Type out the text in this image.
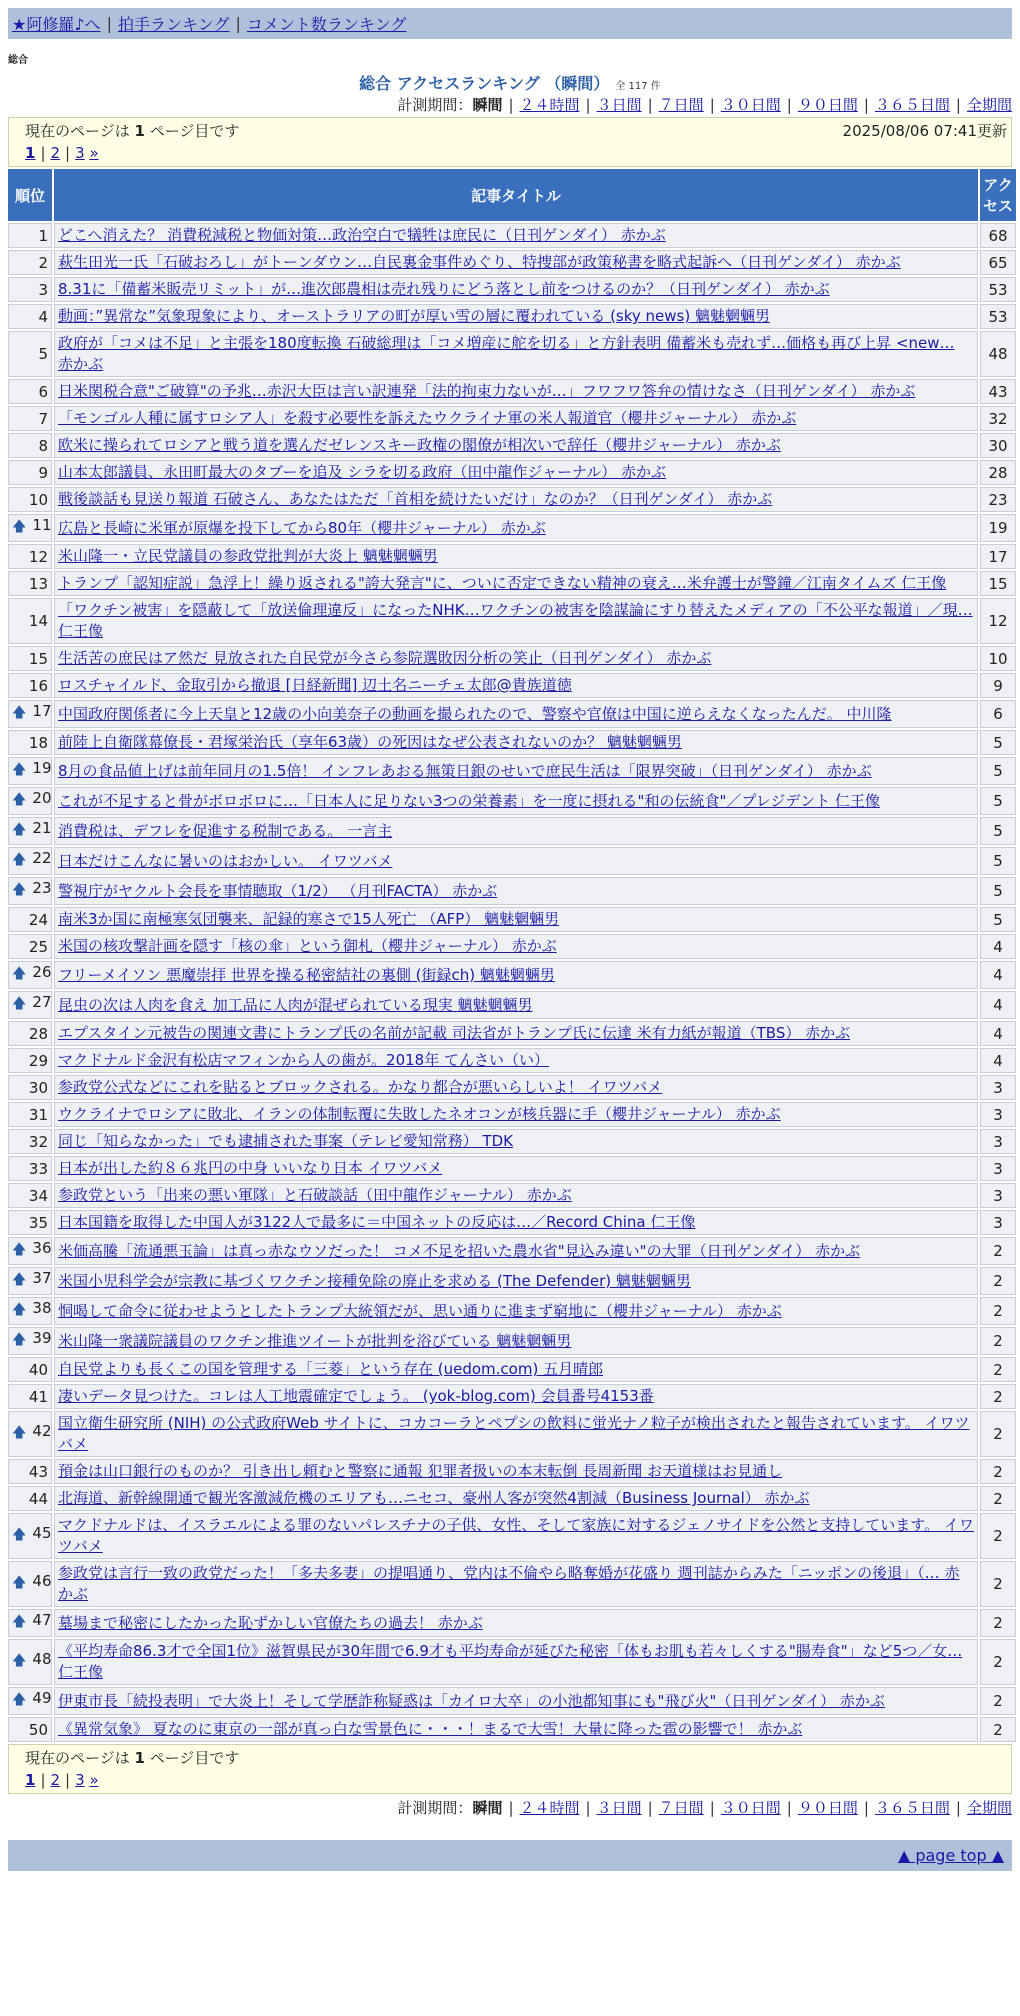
★阿修羅♪へ | 拍手ランキング | コメント数ランキング
総合
総合 アクセスランキング （瞬間） 全 117 件
計測期間：瞬間 | ２４時間 | ３日間 | ７日間 | ３０日間 | ９０日間 | ３６５日間 | 全期間
現在のページは 1 ページ目です	2025/08/06 07:41更新
1 | 2 | 3 »
順位	記事タイトル	アクセス
1	どこへ消えた？ 消費税減税と物価対策…政治空白で犠牲は庶民に（日刊ゲンダイ） 赤かぶ	68
2	萩生田光一氏「石破おろし」がトーンダウン…自民裏金事件めぐり、特捜部が政策秘書を略式起訴へ（日刊ゲンダイ） 赤かぶ	65
3	8.31に「備蓄米販売リミット」が…進次郎農相は売れ残りにどう落とし前をつけるのか？（日刊ゲンダイ） 赤かぶ	53
4	動画：”異常な”気象現象により、オーストラリアの町が厚い雪の層に覆われている (sky news) 魑魅魍魎男	53
5	政府が「コメは不足」と主張を180度転換 石破総理は「コメ増産に舵を切る」と方針表明 備蓄米も売れず…価格も再び上昇 <new… 赤かぶ	48
6	日米関税合意"ご破算"の予兆…赤沢大臣は言い訳連発「法的拘束力ないが…」フワフワ答弁の情けなさ（日刊ゲンダイ） 赤かぶ	43
7	「モンゴル人種に属すロシア人」を殺す必要性を訴えたウクライナ軍の米人報道官（櫻井ジャーナル） 赤かぶ	32
8	欧米に操られてロシアと戦う道を選んだゼレンスキー政権の閣僚が相次いで辞任（櫻井ジャーナル） 赤かぶ	30
9	山本太郎議員、永田町最大のタブーを追及 シラを切る政府（田中龍作ジャーナル） 赤かぶ	28
10	戦後談話も見送り報道 石破さん、あなたはただ「首相を続けたいだけ」なのか？（日刊ゲンダイ） 赤かぶ	23

🡅 11	広島と長崎に米軍が原爆を投下してから80年（櫻井ジャーナル） 赤かぶ	19
12	米山隆一・立民党議員の参政党批判が大炎上 魑魅魍魎男	17
13	トランプ「認知症説」急浮上！繰り返される"誇大発言"に、ついに否定できない精神の衰え…米弁護士が警鐘／江南タイムズ 仁王像	15
14	「ワクチン被害」を隠蔽して「放送倫理違反」になったNHK…ワクチンの被害を陰謀論にすり替えたメディアの「不公平な報道」／現… 仁王像	12
15	生活苦の庶民はア然だ 見放された自民党が今さら参院選敗因分析の笑止（日刊ゲンダイ） 赤かぶ	10
16	ロスチャイルド、金取引から撤退 [日経新聞] 辺土名ニーチェ太郎@貴族道徳	9

🡅 17	中国政府関係者に今上天皇と12歳の小向美奈子の動画を撮られたので、警察や官僚は中国に逆らえなくなったんだ。 中川隆	6
18	前陸上自衛隊幕僚長・君塚栄治氏（享年63歳）の死因はなぜ公表されないのか？ 魑魅魍魎男	5

🡅 19	8月の食品値上げは前年同月の1.5倍！ インフレあおる無策日銀のせいで庶民生活は「限界突破」（日刊ゲンダイ） 赤かぶ	5

🡅 20	これが不足すると骨がボロボロに…「日本人に足りない3つの栄養素」を一度に摂れる"和の伝統食"／プレジデント 仁王像	5

🡅 21	消費税は、デフレを促進する税制である。 一言主	5

🡅 22	日本だけこんなに暑いのはおかしい。 イワツバメ	5

🡅 23	警視庁がヤクルト会長を事情聴取（1/2） （月刊FACTA） 赤かぶ	5
24	南米3か国に南極寒気団襲来、記録的寒さで15人死亡 （AFP） 魑魅魍魎男	5
25	米国の核攻撃計画を隠す「核の傘」という御札（櫻井ジャーナル） 赤かぶ	4

🡅 26	フリーメイソン 悪魔崇拝 世界を操る秘密結社の裏側 (街録ch) 魑魅魍魎男	4

🡅 27	昆虫の次は人肉を食え 加工品に人肉が混ぜられている現実 魑魅魍魎男	4
28	エプスタイン元被告の関連文書にトランプ氏の名前が記載 司法省がトランプ氏に伝達 米有力紙が報道（TBS） 赤かぶ	4
29	マクドナルド金沢有松店マフィンから人の歯が。2018年 てんさい（い）	4
30	参政党公式などにこれを貼るとブロックされる。かなり都合が悪いらしいよ！ イワツバメ	3
31	ウクライナでロシアに敗北、イランの体制転覆に失敗したネオコンが核兵器に手（櫻井ジャーナル） 赤かぶ	3
32	同じ「知らなかった」でも逮捕された事案（テレビ愛知常務） TDK	3
33	日本が出した約８６兆円の中身 いいなり日本 イワツバメ	3
34	参政党という「出来の悪い軍隊」と石破談話（田中龍作ジャーナル） 赤かぶ	3
35	日本国籍を取得した中国人が3122人で最多に＝中国ネットの反応は…／Record China 仁王像	3

🡅 36	米価高騰「流通悪玉論」は真っ赤なウソだった！ コメ不足を招いた農水省"見込み違い"の大罪（日刊ゲンダイ） 赤かぶ	2

🡅 37	米国小児科学会が宗教に基づくワクチン接種免除の廃止を求める (The Defender) 魑魅魍魎男	2

🡅 38	恫喝して命令に従わせようとしたトランプ大統領だが、思い通りに進まず窮地に（櫻井ジャーナル） 赤かぶ	2

🡅 39	米山隆一衆議院議員のワクチン推進ツイートが批判を浴びている 魑魅魍魎男	2
40	自民党よりも長くこの国を管理する「三菱」という存在 (uedom.com) 五月晴郎	2
41	凄いデータ見つけた。コレは人工地震確定でしょう。 (yok-blog.com) 会員番号4153番	2

🡅 42	国立衛生研究所 (NIH) の公式政府Web サイトに、コカコーラとペプシの飲料に蛍光ナノ粒子が検出されたと報告されています。 イワツバメ	2
43	預金は山口銀行のものか？ 引き出し頼むと警察に通報 犯罪者扱いの本末転倒 長周新聞 お天道様はお見通し	2
44	北海道、新幹線開通で観光客激減危機のエリアも…ニセコ、豪州人客が突然4割減（Business Journal） 赤かぶ	2

🡅 45	マクドナルドは、イスラエルによる罪のないパレスチナの子供、女性、そして家族に対するジェノサイドを公然と支持しています。 イワツバメ	2

🡅 46	参政党は言行一致の政党だった！「多夫多妻」の提唱通り、党内は不倫やら略奪婚が花盛り 週刊誌からみた「ニッポンの後退」（… 赤かぶ	2

🡅 47	墓場まで秘密にしたかった恥ずかしい官僚たちの過去！ 赤かぶ	2

🡅 48	《平均寿命86.3才で全国1位》滋賀県民が30年間で6.9才も平均寿命が延びた秘密「体もお肌も若々しくする"腸寿食"」など5つ／女… 仁王像	2

🡅 49	伊東市長「続投表明」で大炎上！そして学歴詐称疑惑は「カイロ大卒」の小池都知事にも"飛び火"（日刊ゲンダイ） 赤かぶ	2
50	《異常気象》 夏なのに東京の一部が真っ白な雪景色に・・・！まるで大雪！大量に降った雹の影響で！ 赤かぶ	2
現在のページは 1 ページ目です
1 | 2 | 3 »
計測期間：瞬間 | ２４時間 | ３日間 | ７日間 | ３０日間 | ９０日間 | ３６５日間 | 全期間
▲ page top ▲
